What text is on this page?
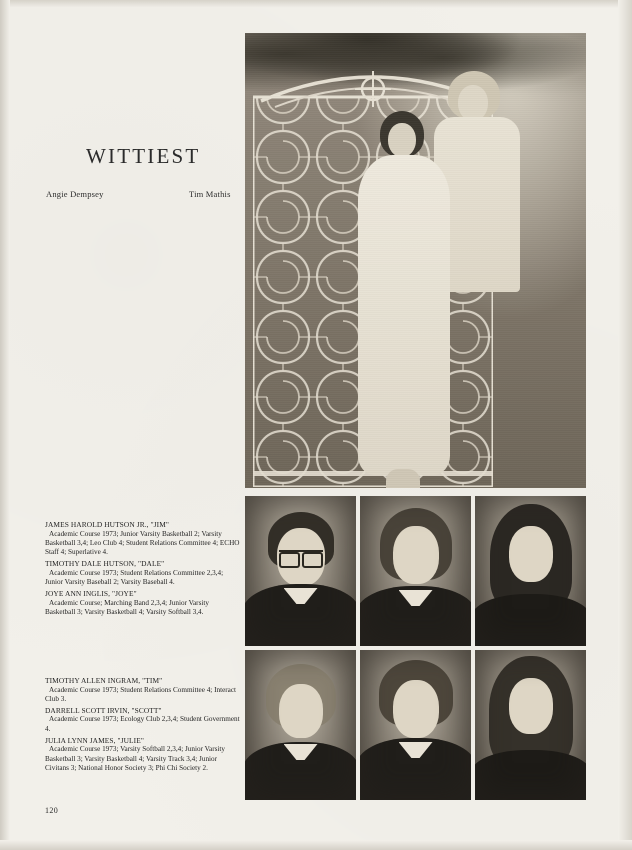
WITTIEST
Angie Dempsey	Tim Mathis

JAMES HAROLD HUTSON JR., "JIM"

Academic Course 1973; Junior Varsity Basketball 2; Varsity Basketball 3,4; Leo Club 4; Student Relations Committee 4; ECHO Staff 4; Superlative 4.

TIMOTHY DALE HUTSON, "DALE"

Academic Course 1973; Student Relations Committee 2,3,4; Junior Varsity Baseball 2; Varsity Baseball 4.

JOYE ANN INGLIS, "JOYE"

Academic Course; Marching Band 2,3,4; Junior Varsity Basketball 3; Varsity Basketball 4; Varsity Softball 3,4.

TIMOTHY ALLEN INGRAM, "TIM"

Academic Course 1973; Student Relations Committee 4; Interact Club 3.

DARRELL SCOTT IRVIN, "SCOTT"

Academic Course 1973; Ecology Club 2,3,4; Student Government 4.

JULIA LYNN JAMES, "JULIE"

Academic Course 1973; Varsity Softball 2,3,4; Junior Varsity Basketball 3; Varsity Basketball 4; Varsity Track 3,4; Junior Civitans 3; National Honor Society 3; Phi Chi Society 2.

120
